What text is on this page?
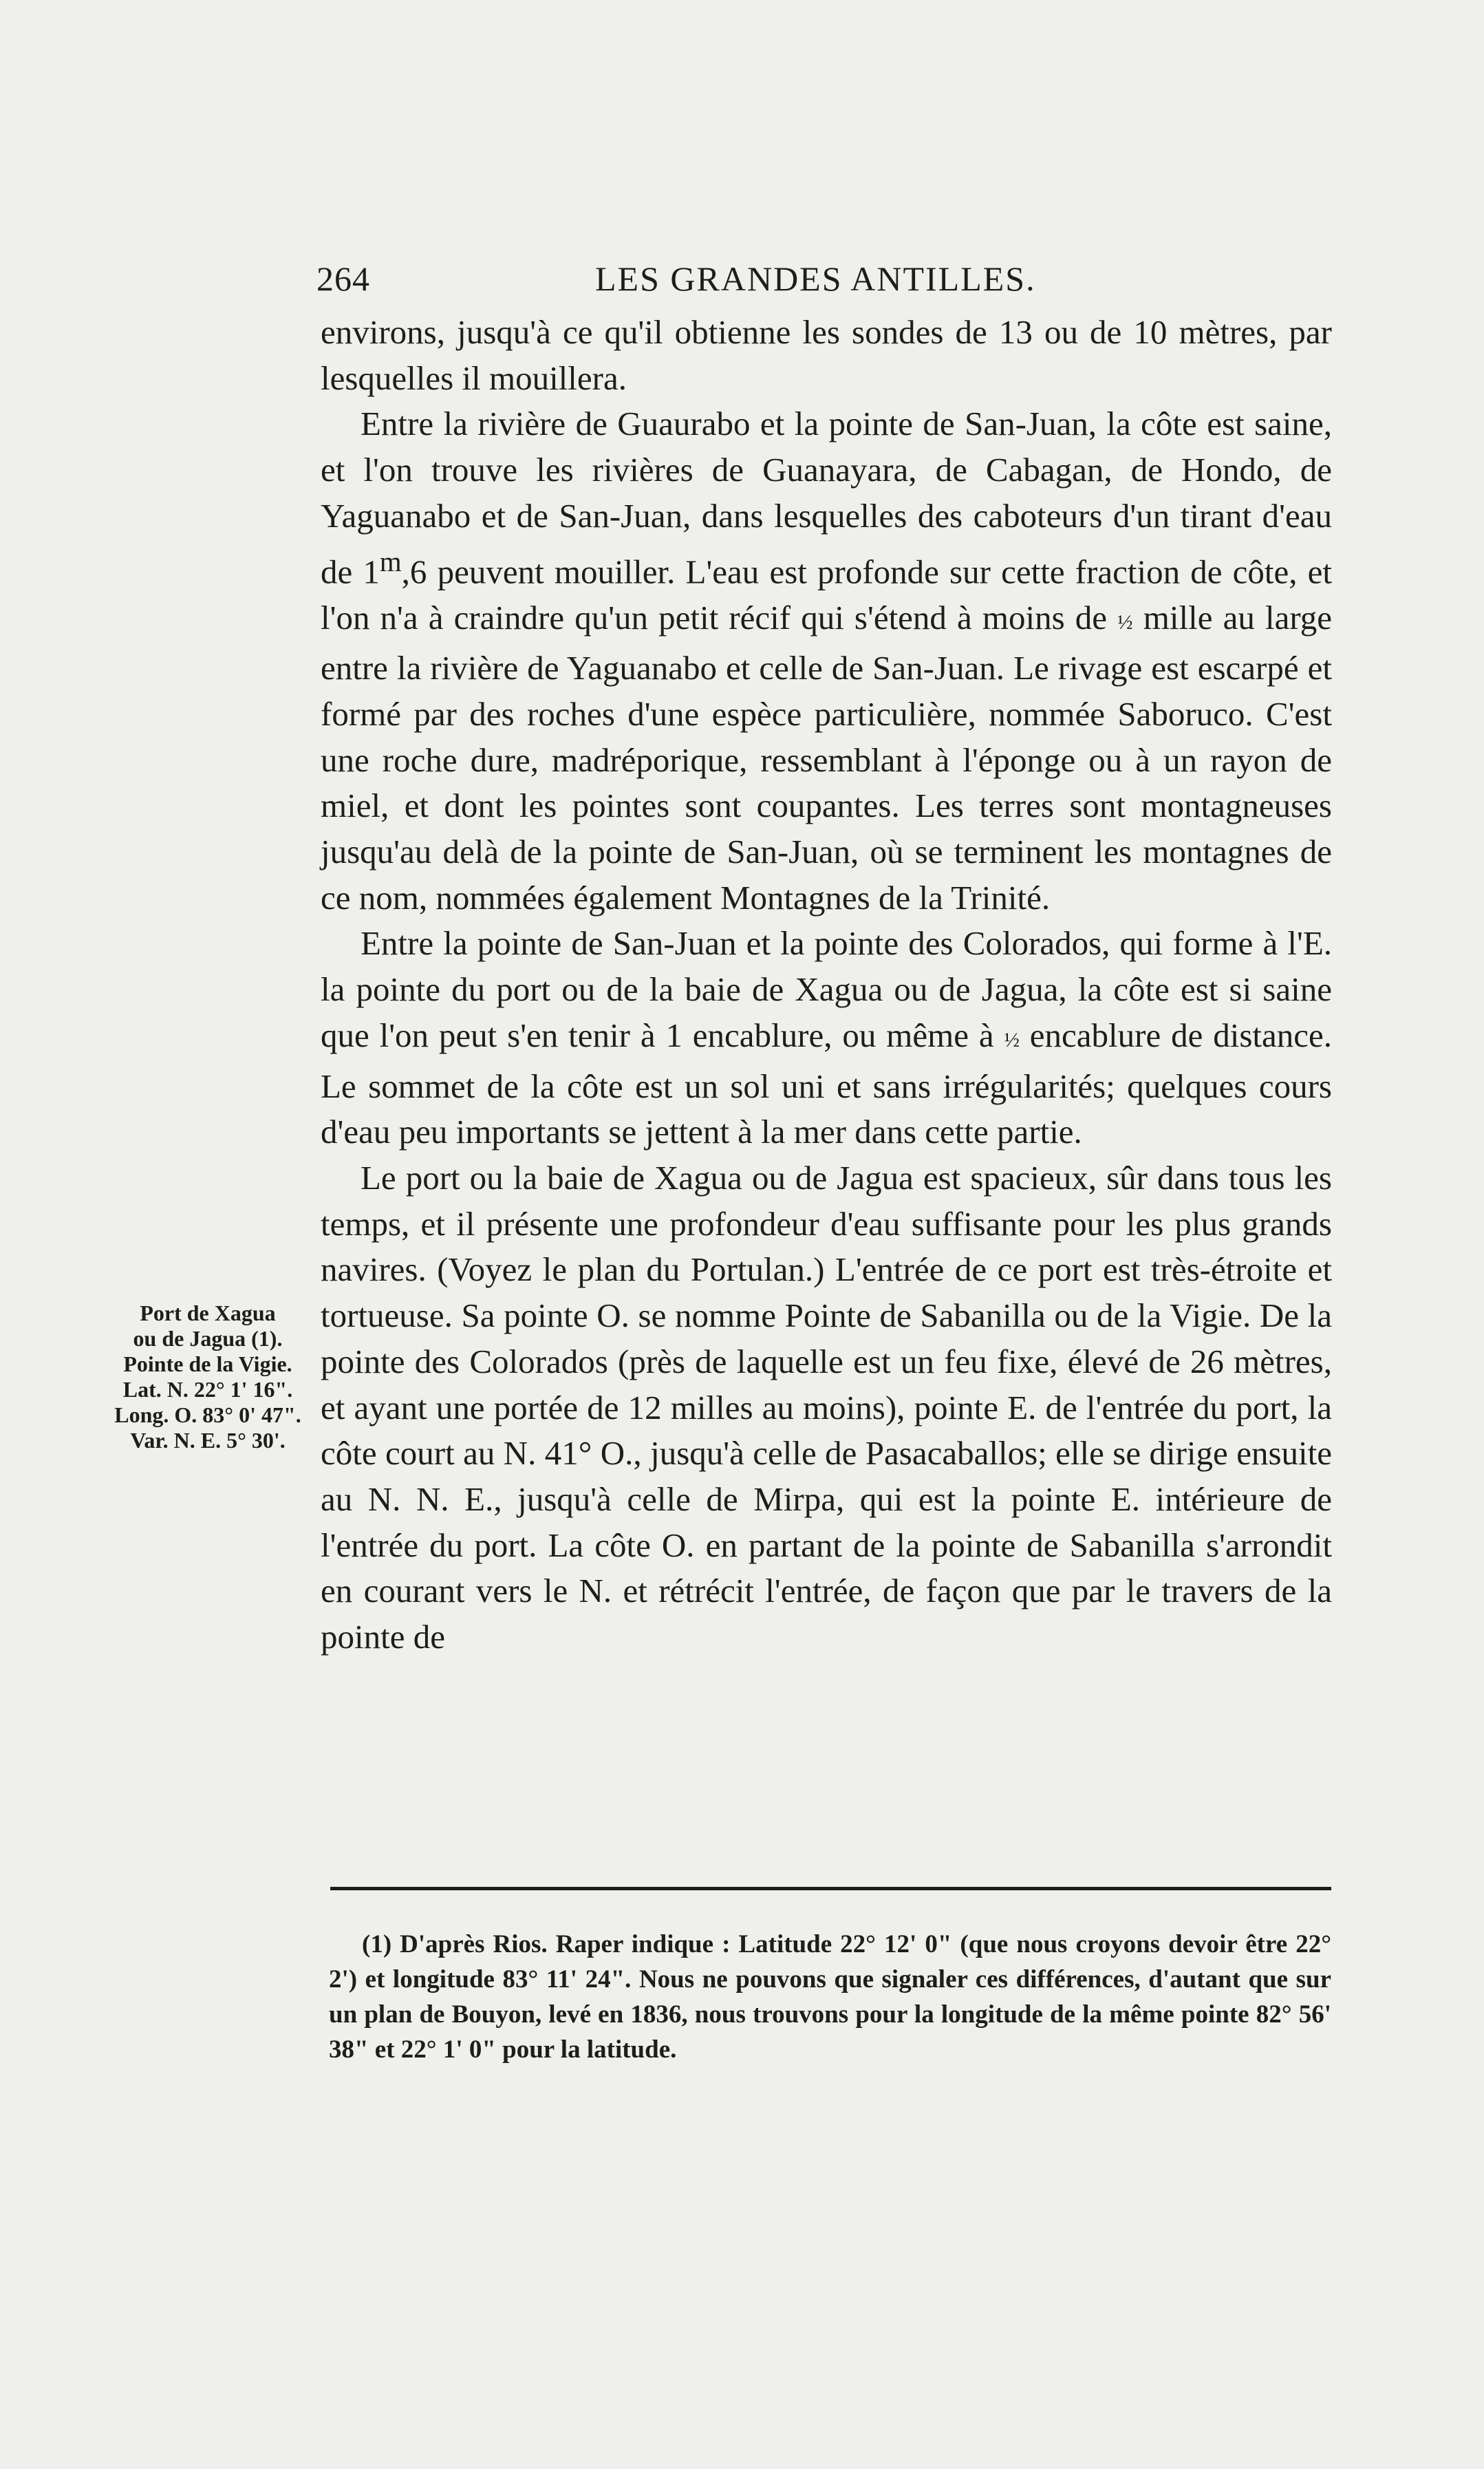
264	LES GRANDES ANTILLES.

environs, jusqu'à ce qu'il obtienne les sondes de 13 ou de 10 mètres, par lesquelles il mouillera.

Entre la rivière de Guaurabo et la pointe de San-Juan, la côte est saine, et l'on trouve les rivières de Guanayara, de Cabagan, de Hondo, de Yaguanabo et de San-Juan, dans lesquelles des caboteurs d'un tirant d'eau de 1$^m$,6 peuvent mouiller. L'eau est profonde sur cette fraction de côte, et l'on n'a à craindre qu'un petit récif qui s'étend à moins de ½ mille au large entre la rivière de Yaguanabo et celle de San-Juan. Le rivage est escarpé et formé par des roches d'une espèce particulière, nommée Saboruco. C'est une roche dure, madréporique, ressemblant à l'éponge ou à un rayon de miel, et dont les pointes sont coupantes. Les terres sont montagneuses jusqu'au delà de la pointe de San-Juan, où se terminent les montagnes de ce nom, nommées également Montagnes de la Trinité.

Entre la pointe de San-Juan et la pointe des Colorados, qui forme à l'E. la pointe du port ou de la baie de Xagua ou de Jagua, la côte est si saine que l'on peut s'en tenir à 1 encablure, ou même à ½ encablure de distance. Le sommet de la côte est un sol uni et sans irrégularités; quelques cours d'eau peu importants se jettent à la mer dans cette partie.

Le port ou la baie de Xagua ou de Jagua est spacieux, sûr dans tous les temps, et il présente une profondeur d'eau suffisante pour les plus grands navires. (Voyez le plan du Portulan.) L'entrée de ce port est très-étroite et tortueuse. Sa pointe O. se nomme Pointe de Sabanilla ou de la Vigie. De la pointe des Colorados (près de laquelle est un feu fixe, élevé de 26 mètres, et ayant une portée de 12 milles au moins), pointe E. de l'entrée du port, la côte court au N. 41° O., jusqu'à celle de Pasacaballos; elle se dirige ensuite au N. N. E., jusqu'à celle de Mirpa, qui est la pointe E. intérieure de l'entrée du port. La côte O. en partant de la pointe de Sabanilla s'arrondit en courant vers le N. et rétrécit l'entrée, de façon que par le travers de la pointe de

Port de Xagua
ou de Jagua (1).
Pointe de la Vigie.
Lat. N. 22° 1' 16".
Long. O. 83° 0' 47".
Var. N. E. 5° 30'.
(1) D'après Rios. Raper indique : Latitude 22° 12' 0" (que nous croyons devoir être 22° 2') et longitude 83° 11' 24". Nous ne pouvons que signaler ces différences, d'autant que sur un plan de Bouyon, levé en 1836, nous trouvons pour la longitude de la même pointe 82° 56' 38" et 22° 1' 0" pour la latitude.
